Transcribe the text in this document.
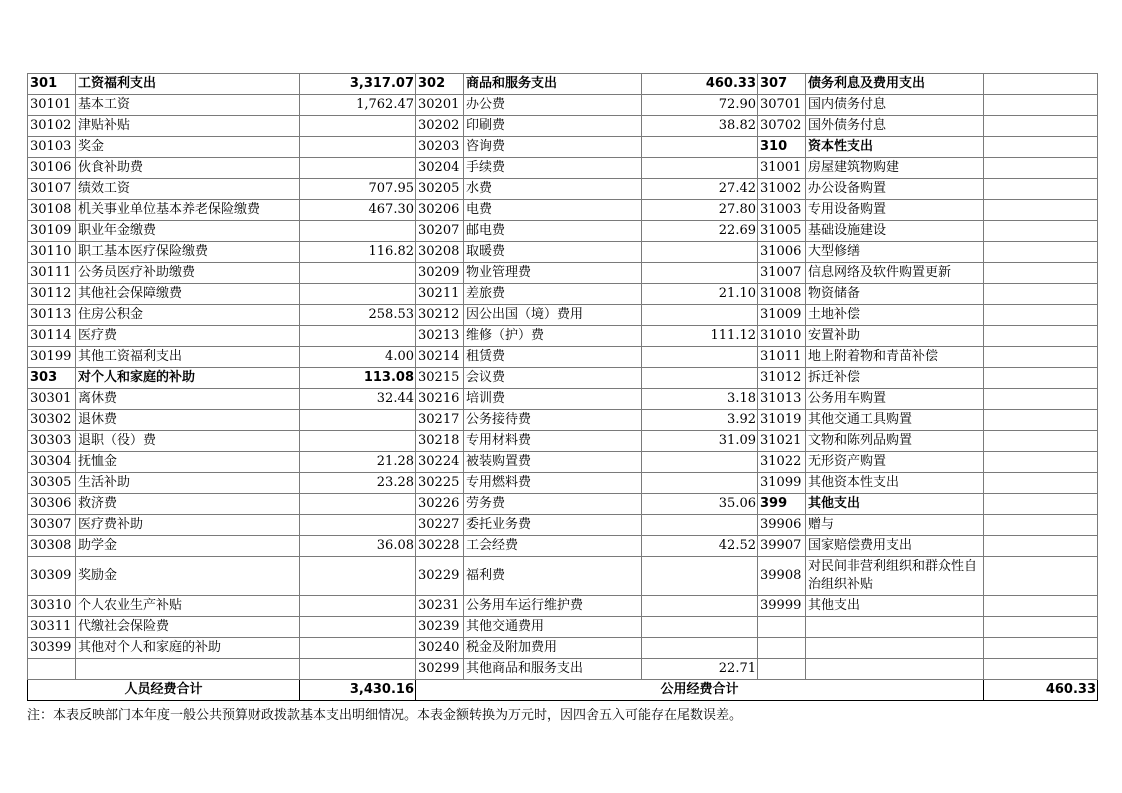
301	工资福利支出	3,317.07	302	商品和服务支出	460.33	307	债务利息及费用支出	
30101	基本工资	1,762.47	30201	办公费	72.90	30701	国内债务付息	
30102	津贴补贴		30202	印刷费	38.82	30702	国外债务付息	
30103	奖金		30203	咨询费		310	资本性支出	
30106	伙食补助费		30204	手续费		31001	房屋建筑物购建	
30107	绩效工资	707.95	30205	水费	27.42	31002	办公设备购置	
30108	机关事业单位基本养老保险缴费	467.30	30206	电费	27.80	31003	专用设备购置	
30109	职业年金缴费		30207	邮电费	22.69	31005	基础设施建设	
30110	职工基本医疗保险缴费	116.82	30208	取暖费		31006	大型修缮	
30111	公务员医疗补助缴费		30209	物业管理费		31007	信息网络及软件购置更新	
30112	其他社会保障缴费		30211	差旅费	21.10	31008	物资储备	
30113	住房公积金	258.53	30212	因公出国（境）费用		31009	土地补偿	
30114	医疗费		30213	维修（护）费	111.12	31010	安置补助	
30199	其他工资福利支出	4.00	30214	租赁费		31011	地上附着物和青苗补偿	
303	对个人和家庭的补助	113.08	30215	会议费		31012	拆迁补偿	
30301	离休费	32.44	30216	培训费	3.18	31013	公务用车购置	
30302	退休费		30217	公务接待费	3.92	31019	其他交通工具购置	
30303	退职（役）费		30218	专用材料费	31.09	31021	文物和陈列品购置	
30304	抚恤金	21.28	30224	被装购置费		31022	无形资产购置	
30305	生活补助	23.28	30225	专用燃料费		31099	其他资本性支出	
30306	救济费		30226	劳务费	35.06	399	其他支出	
30307	医疗费补助		30227	委托业务费		39906	赠与	
30308	助学金	36.08	30228	工会经费	42.52	39907	国家赔偿费用支出	
30309	奖励金		30229	福利费		39908	对民间非营利组织和群众性自治组织补贴	
30310	个人农业生产补贴		30231	公务用车运行维护费		39999	其他支出	
30311	代缴社会保险费		30239	其他交通费用				
30399	其他对个人和家庭的补助		30240	税金及附加费用				
			30299	其他商品和服务支出	22.71			
人员经费合计		3,430.16	公用经费合计					460.33
注：本表反映部门本年度一般公共预算财政拨款基本支出明细情况。本表金额转换为万元时，因四舍五入可能存在尾数误差。
